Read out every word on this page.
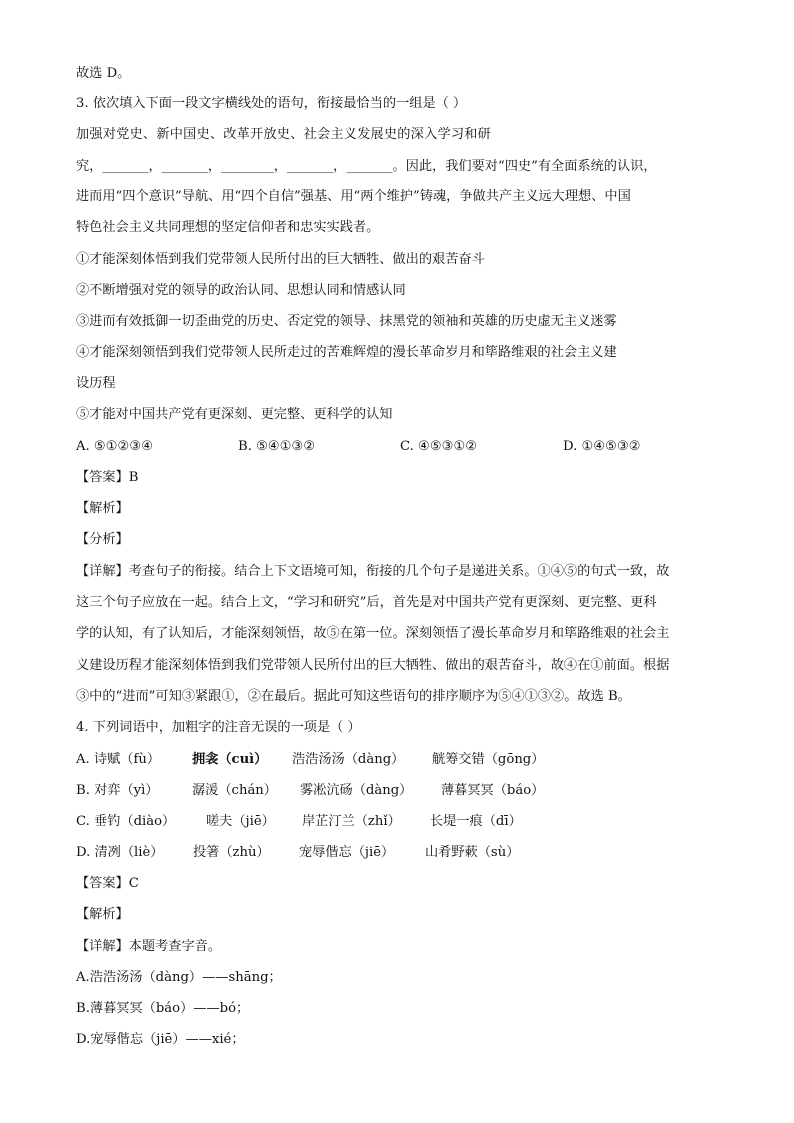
故选 D。
3. 依次填入下面一段文字横线处的语句，衔接最恰当的一组是（ ）
加强对党史、新中国史、改革开放史、社会主义发展史的深入学习和研
究，_______，_______，________，_______，_______。因此，我们要对“四史”有全面系统的认识，
进而用“四个意识”导航、用“四个自信”强基、用“两个维护”铸魂，争做共产主义远大理想、中国
特色社会主义共同理想的坚定信仰者和忠实实践者。
①才能深刻体悟到我们党带领人民所付出的巨大牺牲、做出的艰苦奋斗
②不断增强对党的领导的政治认同、思想认同和情感认同
③进而有效抵御一切歪曲党的历史、否定党的领导、抹黑党的领袖和英雄的历史虚无主义迷雾
④才能深刻领悟到我们党带领人民所走过的苦难辉煌的漫长革命岁月和筚路维艰的社会主义建
设历程
⑤才能对中国共产党有更深刻、更完整、更科学的认知
A. ⑤①②③④	B. ⑤④①③②	C. ④⑤③①②	D. ①④⑤③②
【答案】B
【解析】
【分析】
【详解】考查句子的衔接。结合上下文语境可知，衔接的几个句子是递进关系。①④⑤的句式一致，故
这三个句子应放在一起。结合上文，“学习和研究”后，首先是对中国共产党有更深刻、更完整、更科
学的认知，有了认知后，才能深刻领悟，故⑤在第一位。深刻领悟了漫长革命岁月和筚路维艰的社会主
义建设历程才能深刻体悟到我们党带领人民所付出的巨大牺牲、做出的艰苦奋斗，故④在①前面。根据
③中的“进而”可知③紧跟①，②在最后。据此可知这些语句的排序顺序为⑤④①③②。故选 B。
4. 下列词语中，加粗字的注音无误的一项是（ ）
A. 诗赋（fù） 拥衾（cuì） 浩浩汤汤（dàng） 觥筹交错（gōng）
B. 对弈（yì）	潺湲（chán） 雾凇沆砀（dàng） 薄暮冥冥（báo）
C. 垂钓（diào） 嗟夫（jiē） 岸芷汀兰（zhǐ） 长堤一痕（dī）
D. 清冽（liè） 投箸（zhù） 宠辱偕忘（jiē） 山肴野蔌（sù）
【答案】C
【解析】
【详解】本题考查字音。
A.浩浩汤汤（dàng）——shāng；
B.薄暮冥冥（báo）——bó；
D.宠辱偕忘（jiē）——xié；
